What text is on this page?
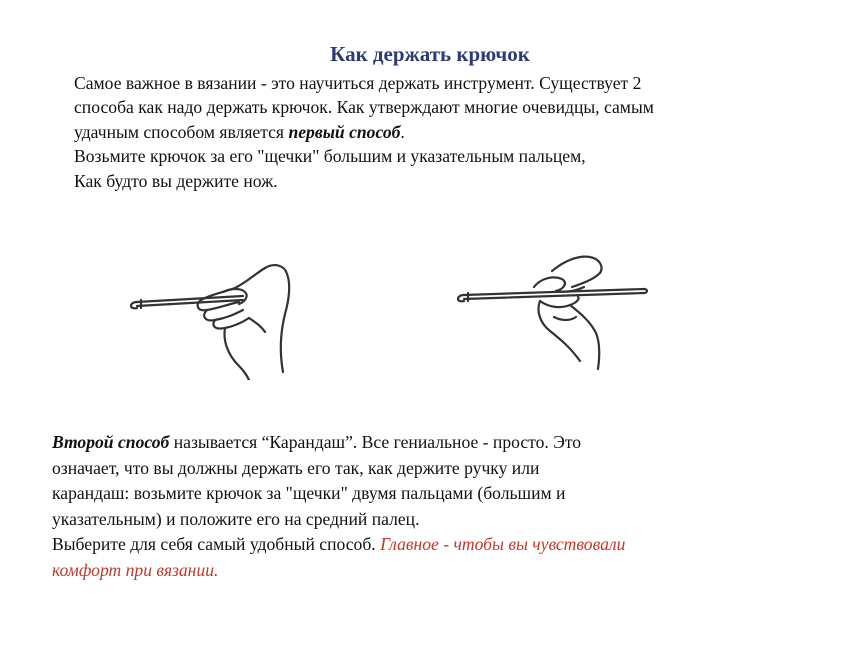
Как держать крючок

Самое важное в вязании - это научиться держать инструмент. Существует 2
способа как надо держать крючок. Как утверждают многие очевидцы, самым
удачным способом является первый способ.
Возьмите крючок за его "щечки" большим и указательным пальцем,
Как будто вы держите нож.

Второй способ называется “Карандаш”. Все гениальное - просто. Это
означает, что вы должны держать его так, как держите ручку или
карандаш: возьмите крючок за "щечки" двумя пальцами (большим и
указательным) и положите его на средний палец.
Выберите для себя самый удобный способ. Главное - чтобы вы чувствовали
комфорт при вязании.
